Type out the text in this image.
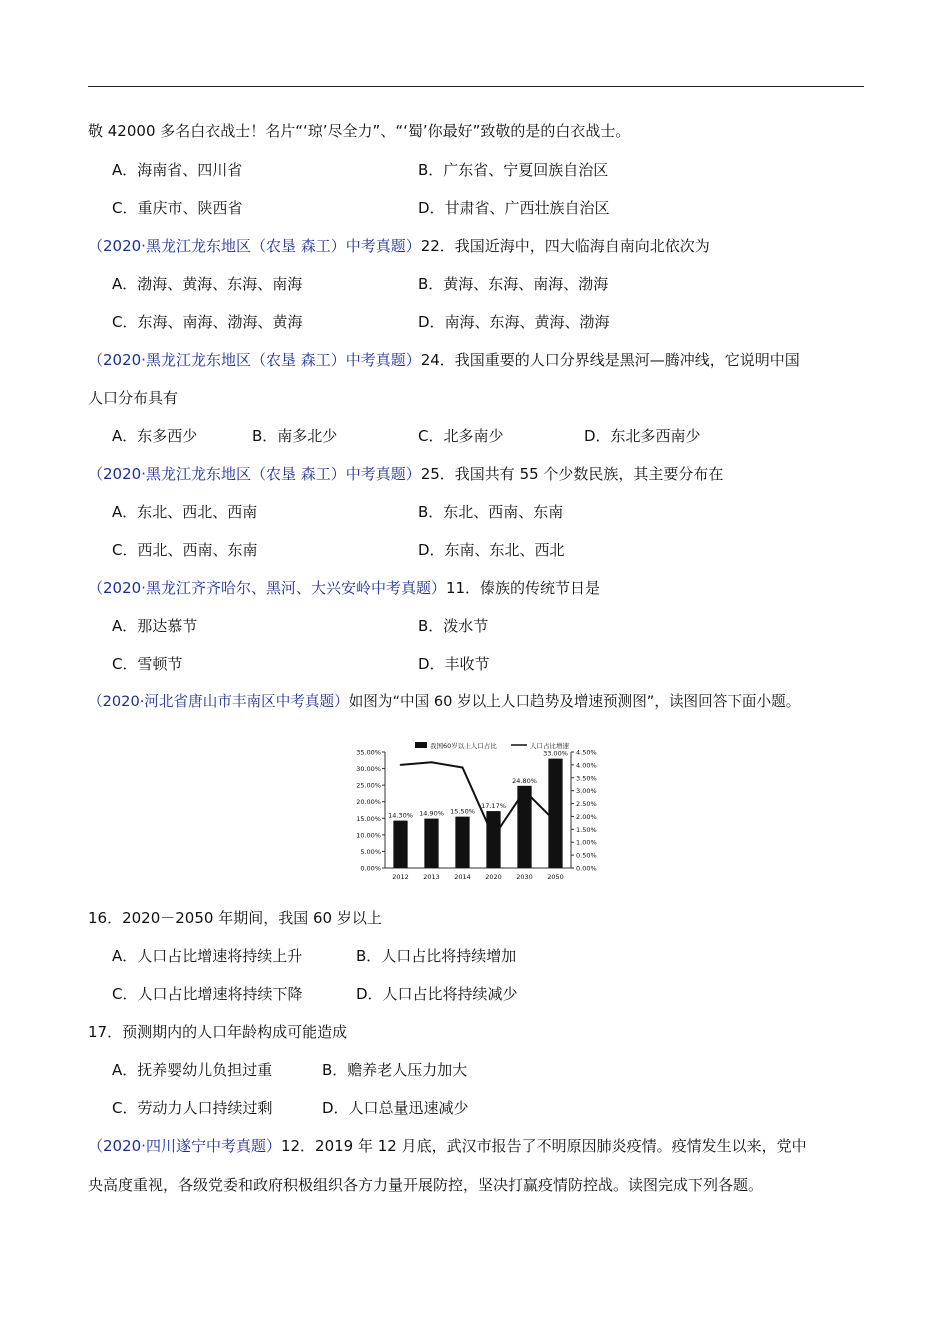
敬 42000 多名白衣战士！名片“‘琼’尽全力”、“‘蜀’你最好”致敬的是的白衣战士。
A．海南省、四川省	B．广东省、宁夏回族自治区
C．重庆市、陕西省	D．甘肃省、广西壮族自治区
（2020·黑龙江龙东地区（农垦 森工）中考真题）22．我国近海中，四大临海自南向北依次为
A．渤海、黄海、东海、南海	B．黄海、东海、南海、渤海
C．东海、南海、渤海、黄海	D．南海、东海、黄海、渤海
（2020·黑龙江龙东地区（农垦 森工）中考真题）24．我国重要的人口分界线是黑河—腾冲线，它说明中国
人口分布具有
A．东多西少	B．南多北少	C．北多南少	D．东北多西南少
（2020·黑龙江龙东地区（农垦 森工）中考真题）25．我国共有 55 个少数民族，其主要分布在
A．东北、西北、西南	B．东北、西南、东南
C．西北、西南、东南	D．东南、东北、西北
（2020·黑龙江齐齐哈尔、黑河、大兴安岭中考真题）11．傣族的传统节日是
A．那达慕节	B．泼水节
C．雪顿节	D．丰收节
（2020·河北省唐山市丰南区中考真题）如图为“中国 60 岁以上人口趋势及增速预测图”，读图回答下面小题。
0.00%
5.00%
10.00%
15.00%
20.00%
25.00%
30.00%
35.00%
0.00%
0.50%
1.00%
1.50%
2.00%
2.50%
3.00%
3.50%
4.00%
4.50%
2012 2013 2014 2020 2030 2050
14.30% 14.90% 15.50%
17.17%
24.80%
33.00%
我国60岁以上人口占比	人口占比增速
16．2020－2050 年期间，我国 60 岁以上
A．人口占比增速将持续上升	B．人口占比将持续增加
C．人口占比增速将持续下降	D．人口占比将持续减少
17．预测期内的人口年龄构成可能造成
A．抚养婴幼儿负担过重	B．赡养老人压力加大
C．劳动力人口持续过剩	D．人口总量迅速减少
（2020·四川遂宁中考真题）12．2019 年 12 月底，武汉市报告了不明原因肺炎疫情。疫情发生以来，党中
央高度重视，各级党委和政府积极组织各方力量开展防控，坚决打赢疫情防控战。读图完成下列各题。
